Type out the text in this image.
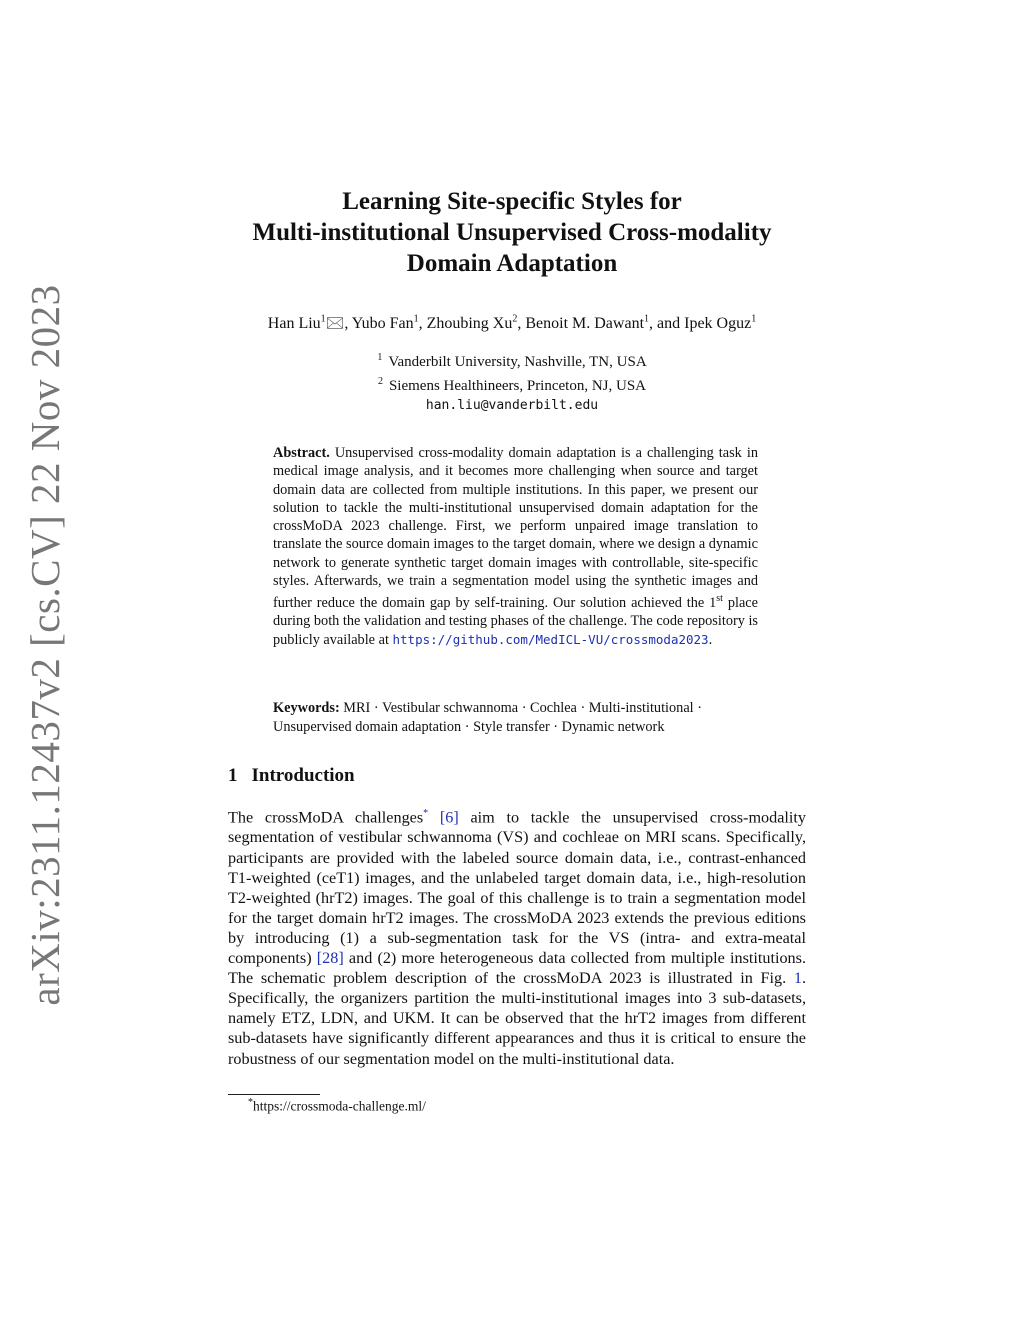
arXiv:2311.12437v2 [cs.CV] 22 Nov 2023
Learning Site-specific Styles for
Multi-institutional Unsupervised Cross-modality
Domain Adaptation
Han Liu$^1$🖂, Yubo Fan$^1$, Zhoubing Xu$^2$, Benoit M. Dawant$^1$, and Ipek Oguz$^1$
$^1$ Vanderbilt University, Nashville, TN, USA
$^2$ Siemens Healthineers, Princeton, NJ, USA
han.liu@vanderbilt.edu
Abstract. Unsupervised cross-modality domain adaptation is a challenging task in medical image analysis, and it becomes more challenging when source and target domain data are collected from multiple institutions. In this paper, we present our solution to tackle the multi-institutional unsupervised domain adaptation for the crossMoDA 2023 challenge. First, we perform unpaired image translation to translate the source domain images to the target domain, where we design a dynamic network to generate synthetic target domain images with controllable, site-specific styles. Afterwards, we train a segmentation model using the synthetic images and further reduce the domain gap by self-training. Our solution achieved the 1st place during both the validation and testing phases of the challenge. The code repository is publicly available at https://github.com/MedICL-VU/crossmoda2023.
Keywords: MRI · Vestibular schwannoma · Cochlea · Multi-institutional · Unsupervised domain adaptation · Style transfer · Dynamic network
1 Introduction
The crossMoDA challenges* [6] aim to tackle the unsupervised cross-modality segmentation of vestibular schwannoma (VS) and cochleae on MRI scans. Specifically, participants are provided with the labeled source domain data, i.e., contrast-enhanced T1-weighted (ceT1) images, and the unlabeled target domain data, i.e., high-resolution T2-weighted (hrT2) images. The goal of this challenge is to train a segmentation model for the target domain hrT2 images. The crossMoDA 2023 extends the previous editions by introducing (1) a sub-segmentation task for the VS (intra- and extra-meatal components) [28] and (2) more heterogeneous data collected from multiple institutions. The schematic problem description of the crossMoDA 2023 is illustrated in Fig. 1. Specifically, the organizers partition the multi-institutional images into 3 sub-datasets, namely ETZ, LDN, and UKM. It can be observed that the hrT2 images from different sub-datasets have significantly different appearances and thus it is critical to ensure the robustness of our segmentation model on the multi-institutional data.
*https://crossmoda-challenge.ml/
